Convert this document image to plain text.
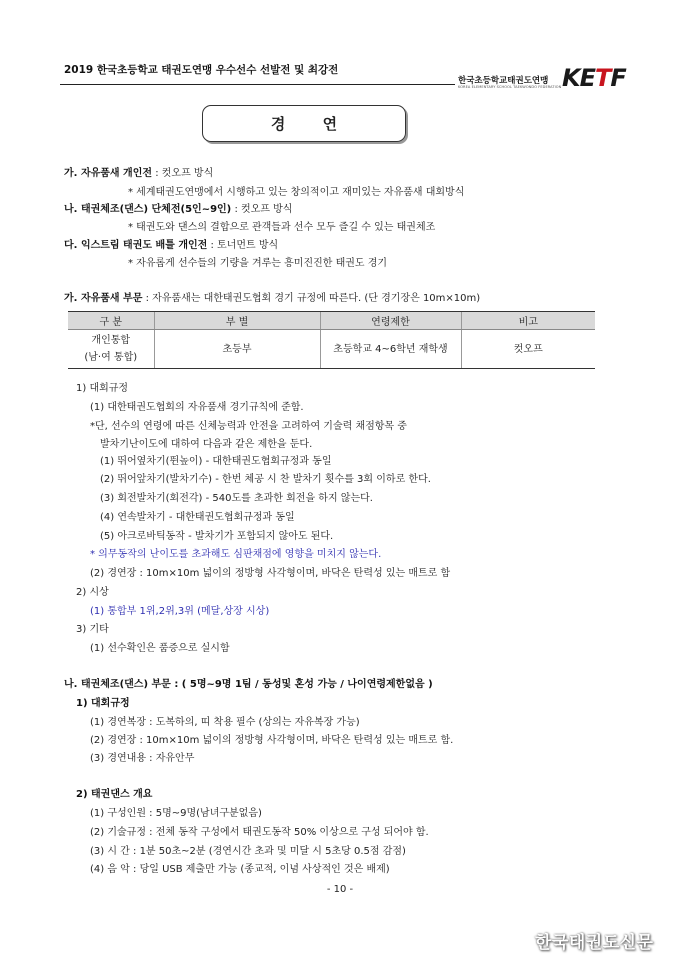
2019 한국초등학교 태권도연맹 우수선수 선발전 및 최강전
한국초등학교태권도연맹
KOREA ELEMENTARY SCHOOL TAEKWONDO FEDERATION KETF
경 연
가. 자유품새 개인전 : 컷오프 방식
* 세계태권도연맹에서 시행하고 있는 창의적이고 재미있는 자유품새 대회방식
나. 태권체조(댄스) 단체전(5인~9인) : 컷오프 방식
* 태권도와 댄스의 결합으로 관객들과 선수 모두 즐길 수 있는 태권체조
다. 익스트림 태권도 배틀 개인전 : 토너먼트 방식
* 자유롭게 선수들의 기량을 겨루는 흥미진진한 태권도 경기
가. 자유품새 부문 : 자유품새는 대한태권도협회 경기 규정에 따른다. (단 경기장은 10m×10m)
구 분	부 별	연령제한	비고
개인통합
(남·여 통합)	초등부	초등학교 4~6학년 재학생	컷오프
1) 대회규정
(1) 대한태권도협회의 자유품새 경기규칙에 준함.
*단, 선수의 연령에 따른 신체능력과 안전을 고려하여 기술력 채점항목 중
발차기난이도에 대하여 다음과 같은 제한을 둔다.
(1) 뛰어옆차기(뛴높이) - 대한태권도협회규정과 동일
(2) 뛰어앞차기(발차기수) - 한번 체공 시 찬 발차기 횟수를 3회 이하로 한다.
(3) 회전발차기(회전각) - 540도를 초과한 회전을 하지 않는다.
(4) 연속발차기 - 대한태권도협회규정과 동일
(5) 아크로바틱동작 - 발차기가 포함되지 않아도 된다.
* 의무동작의 난이도를 초과해도 심판채점에 영향을 미치지 않는다.
(2) 경연장 : 10m×10m 넓이의 정방형 사각형이며, 바닥은 탄력성 있는 매트로 함
2) 시상
(1) 통합부 1위,2위,3위 (메달,상장 시상)
3) 기타
(1) 선수확인은 품증으로 실시함
나. 태권체조(댄스) 부문 : ( 5명~9명 1팀 / 동성및 혼성 가능 / 나이연령제한없음 )
1) 대회규정
(1) 경연복장 : 도복하의, 띠 착용 필수 (상의는 자유복장 가능)
(2) 경연장 : 10m×10m 넓이의 정방형 사각형이며, 바닥은 탄력성 있는 매트로 함.
(3) 경연내용 : 자유안무
2) 태권댄스 개요
(1) 구성인원 : 5명~9명(남녀구분없음)
(2) 기술규정 : 전체 동작 구성에서 태권도동작 50% 이상으로 구성 되어야 함.
(3) 시 간 : 1분 50초~2분 (경연시간 초과 및 미달 시 5초당 0.5점 감점)
(4) 음 악 : 당일 USB 제출만 가능 (종교적, 이념 사상적인 것은 배제)
- 10 -
한국태권도신문
